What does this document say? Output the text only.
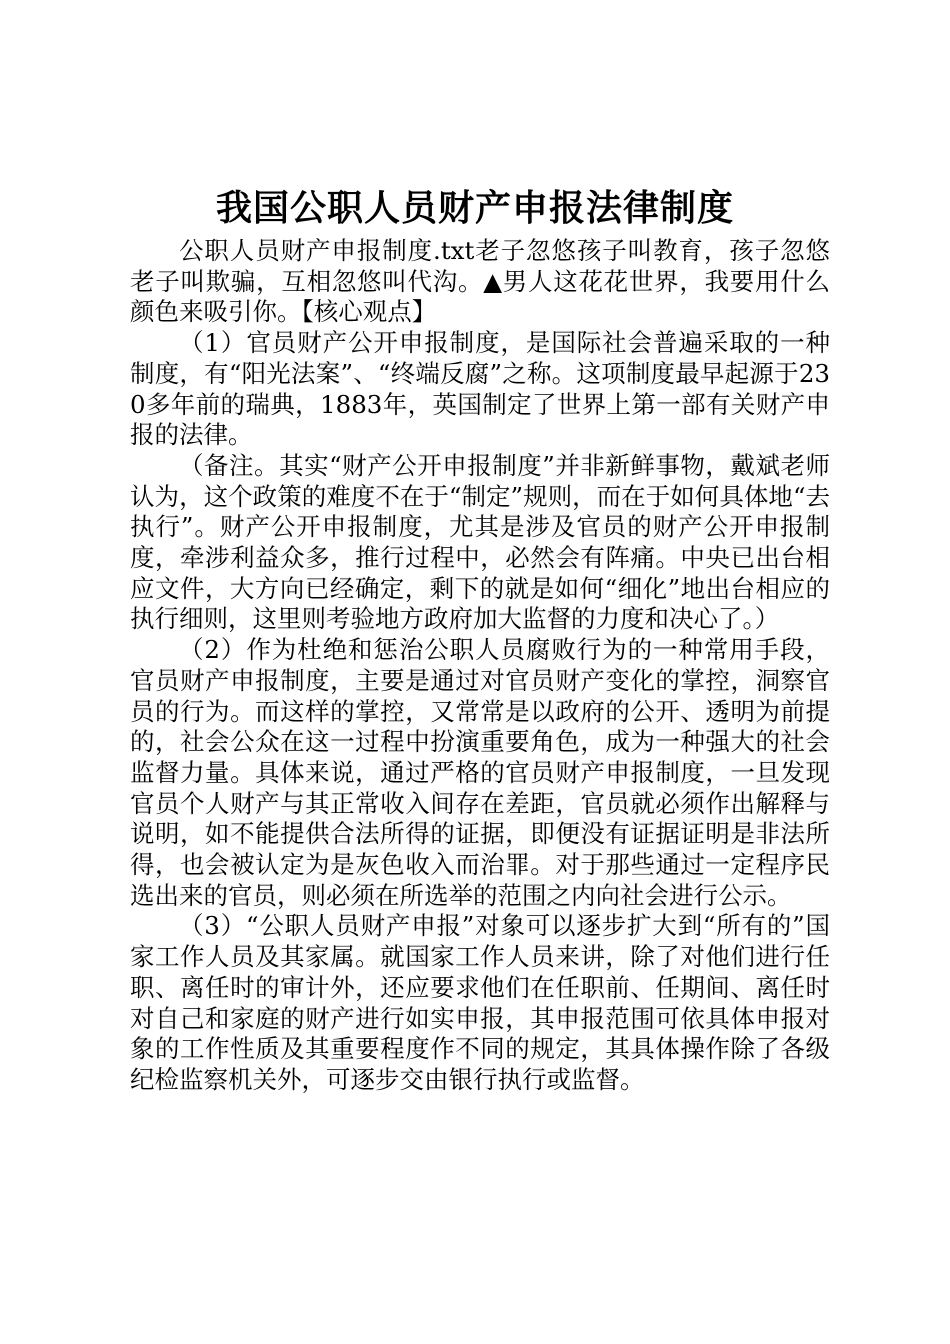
我国公职人员财产申报法律制度

公职人员财产申报制度.txt老子忽悠孩子叫教育，孩子忽悠老子叫欺骗，互相忽悠叫代沟。▲男人这花花世界，我要用什么颜色来吸引你。【核心观点】

（1）官员财产公开申报制度，是国际社会普遍采取的一种制度，有“阳光法案”、“终端反腐”之称。这项制度最早起源于230多年前的瑞典，1883年，英国制定了世界上第一部有关财产申报的法律。

（备注。其实“财产公开申报制度”并非新鲜事物，戴斌老师认为，这个政策的难度不在于“制定”规则，而在于如何具体地“去执行”。财产公开申报制度，尤其是涉及官员的财产公开申报制度，牵涉利益众多，推行过程中，必然会有阵痛。中央已出台相应文件，大方向已经确定，剩下的就是如何“细化”地出台相应的执行细则，这里则考验地方政府加大监督的力度和决心了。）

（2）作为杜绝和惩治公职人员腐败行为的一种常用手段，官员财产申报制度，主要是通过对官员财产变化的掌控，洞察官员的行为。而这样的掌控，又常常是以政府的公开、透明为前提的，社会公众在这一过程中扮演重要角色，成为一种强大的社会监督力量。具体来说，通过严格的官员财产申报制度，一旦发现官员个人财产与其正常收入间存在差距，官员就必须作出解释与说明，如不能提供合法所得的证据，即便没有证据证明是非法所得，也会被认定为是灰色收入而治罪。对于那些通过一定程序民选出来的官员，则必须在所选举的范围之内向社会进行公示。

（3）“公职人员财产申报”对象可以逐步扩大到“所有的”国家工作人员及其家属。就国家工作人员来讲，除了对他们进行任职、离任时的审计外，还应要求他们在任职前、任期间、离任时对自己和家庭的财产进行如实申报，其申报范围可依具体申报对象的工作性质及其重要程度作不同的规定，其具体操作除了各级纪检监察机关外，可逐步交由银行执行或监督。
